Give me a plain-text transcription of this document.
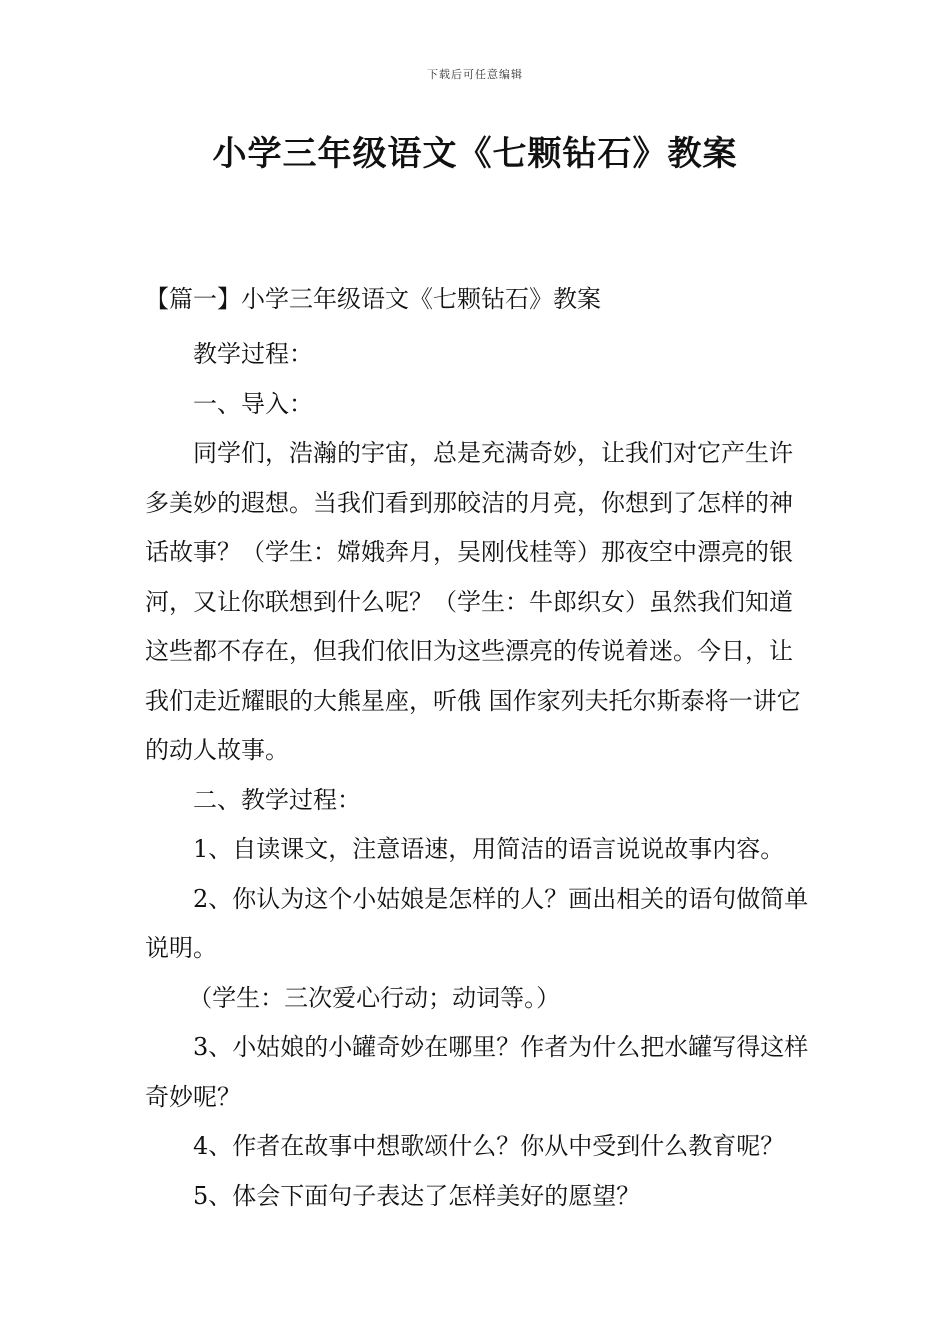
下载后可任意编辑
小学三年级语文《七颗钻石》教案

【篇一】小学三年级语文《七颗钻石》教案

教学过程：

一、导入：

同学们，浩瀚的宇宙，总是充满奇妙，让我们对它产生许多美妙的遐想。当我们看到那皎洁的月亮，你想到了怎样的神话故事？（学生：嫦娥奔月，吴刚伐桂等）那夜空中漂亮的银河，又让你联想到什么呢？（学生：牛郎织女）虽然我们知道这些都不存在，但我们依旧为这些漂亮的传说着迷。今日，让我们走近耀眼的大熊星座，听俄 国作家列夫托尔斯泰将一讲它的动人故事。

二、教学过程：

1、自读课文，注意语速，用简洁的语言说说故事内容。

2、你认为这个小姑娘是怎样的人？画出相关的语句做简单说明。

（学生：三次爱心行动；动词等。）

3、小姑娘的小罐奇妙在哪里？作者为什么把水罐写得这样奇妙呢？

4、作者在故事中想歌颂什么？你从中受到什么教育呢？

5、体会下面句子表达了怎样美好的愿望？
